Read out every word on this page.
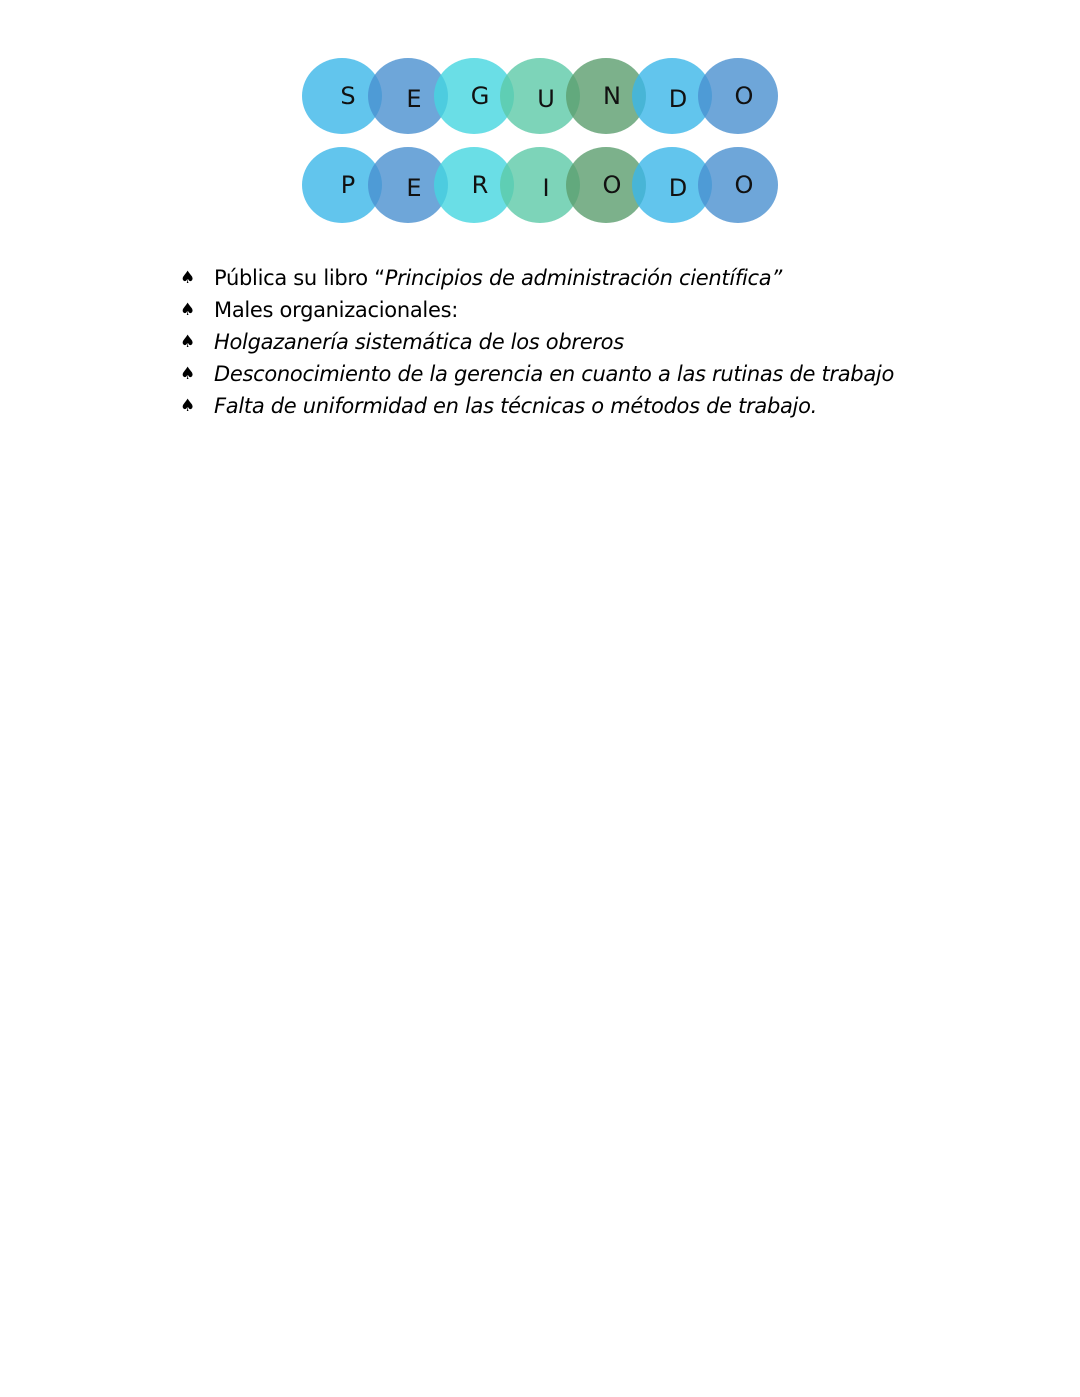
S	E	G	U	N	D	O
P	E	R	I	O	D	O
♠ Pública su libro “Principios de administración científica”
♠ Males organizacionales:
♠ Holgazanería sistemática de los obreros
♠ Desconocimiento de la gerencia en cuanto a las rutinas de trabajo
♠ Falta de uniformidad en las técnicas o métodos de trabajo.
